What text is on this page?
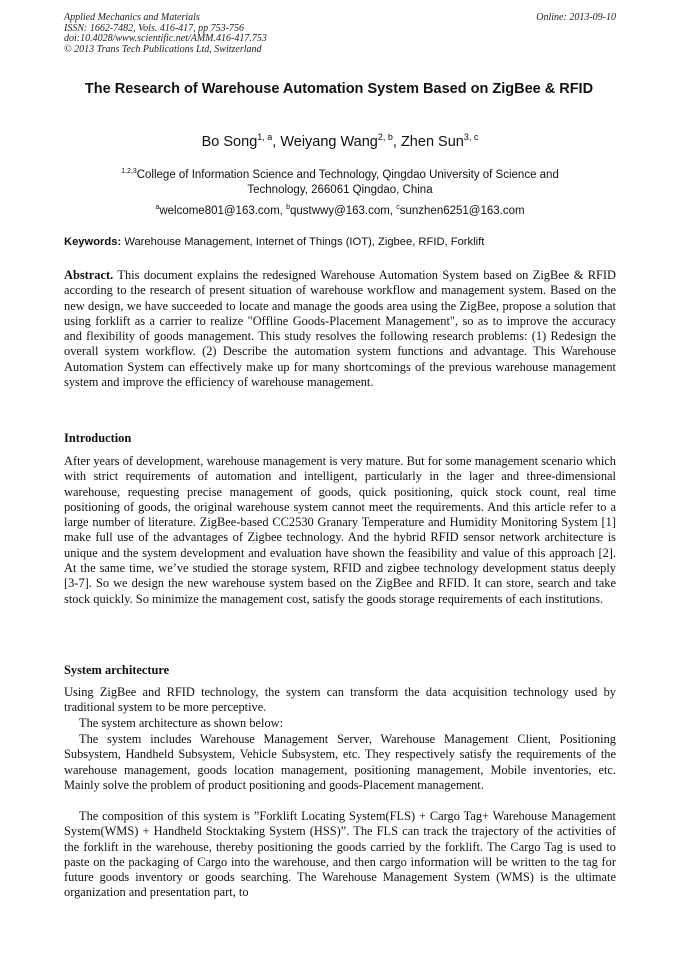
Applied Mechanics and Materials
ISSN: 1662-7482, Vols. 416-417, pp 753-756
doi:10.4028/www.scientific.net/AMM.416-417.753
© 2013 Trans Tech Publications Ltd, Switzerland
Online: 2013-09-10
The Research of Warehouse Automation System Based on ZigBee & RFID
Bo Song$^{1, a}$, Weiyang Wang$^{2, b}$, Zhen Sun$^{3, c}$
$^{1,2,3}$College of Information Science and Technology, Qingdao University of Science and Technology, 266061 Qingdao, China
$^a$welcome801@163.com, $^b$qustwwy@163.com, $^c$sunzhen6251@163.com
Keywords: Warehouse Management, Internet of Things (IOT), Zigbee, RFID, Forklift

Abstract. This document explains the redesigned Warehouse Automation System based on ZigBee & RFID according to the research of present situation of warehouse workflow and management system. Based on the new design, we have succeeded to locate and manage the goods area using the ZigBee, propose a solution that using forklift as a carrier to realize "Offline Goods-Placement Management", so as to improve the accuracy and flexibility of goods management. This study resolves the following research problems: (1) Redesign the overall system workflow. (2) Describe the automation system functions and advantage. This Warehouse Automation System can effectively make up for many shortcomings of the previous warehouse management system and improve the efficiency of warehouse management.

Introduction

After years of development, warehouse management is very mature. But for some management scenario which with strict requirements of automation and intelligent, particularly in the lager and three-dimensional warehouse, requesting precise management of goods, quick positioning, quick stock count, real time positioning of goods, the original warehouse system cannot meet the requirements. And this article refer to a large number of literature. ZigBee-based CC2530 Granary Temperature and Humidity Monitoring System [1] make full use of the advantages of Zigbee technology. And the hybrid RFID sensor network architecture is unique and the system development and evaluation have shown the feasibility and value of this approach [2]. At the same time, we’ve studied the storage system, RFID and zigbee technology development status deeply [3-7]. So we design the new warehouse system based on the ZigBee and RFID. It can store, search and take stock quickly. So minimize the management cost, satisfy the goods storage requirements of each institutions.

System architecture

Using ZigBee and RFID technology, the system can transform the data acquisition technology used by traditional system to be more perceptive.

The system architecture as shown below:

The system includes Warehouse Management Server, Warehouse Management Client, Positioning Subsystem, Handheld Subsystem, Vehicle Subsystem, etc. They respectively satisfy the requirements of the warehouse management, goods location management, positioning management, Mobile inventories, etc. Mainly solve the problem of product positioning and goods-Placement management.

The composition of this system is ”Forklift Locating System(FLS) + Cargo Tag+ Warehouse Management System(WMS) + Handheld Stocktaking System (HSS)”. The FLS can track the trajectory of the activities of the forklift in the warehouse, thereby positioning the goods carried by the forklift. The Cargo Tag is used to paste on the packaging of Cargo into the warehouse, and then cargo information will be written to the tag for future goods inventory or goods searching. The Warehouse Management System (WMS) is the ultimate organization and presentation part, to
